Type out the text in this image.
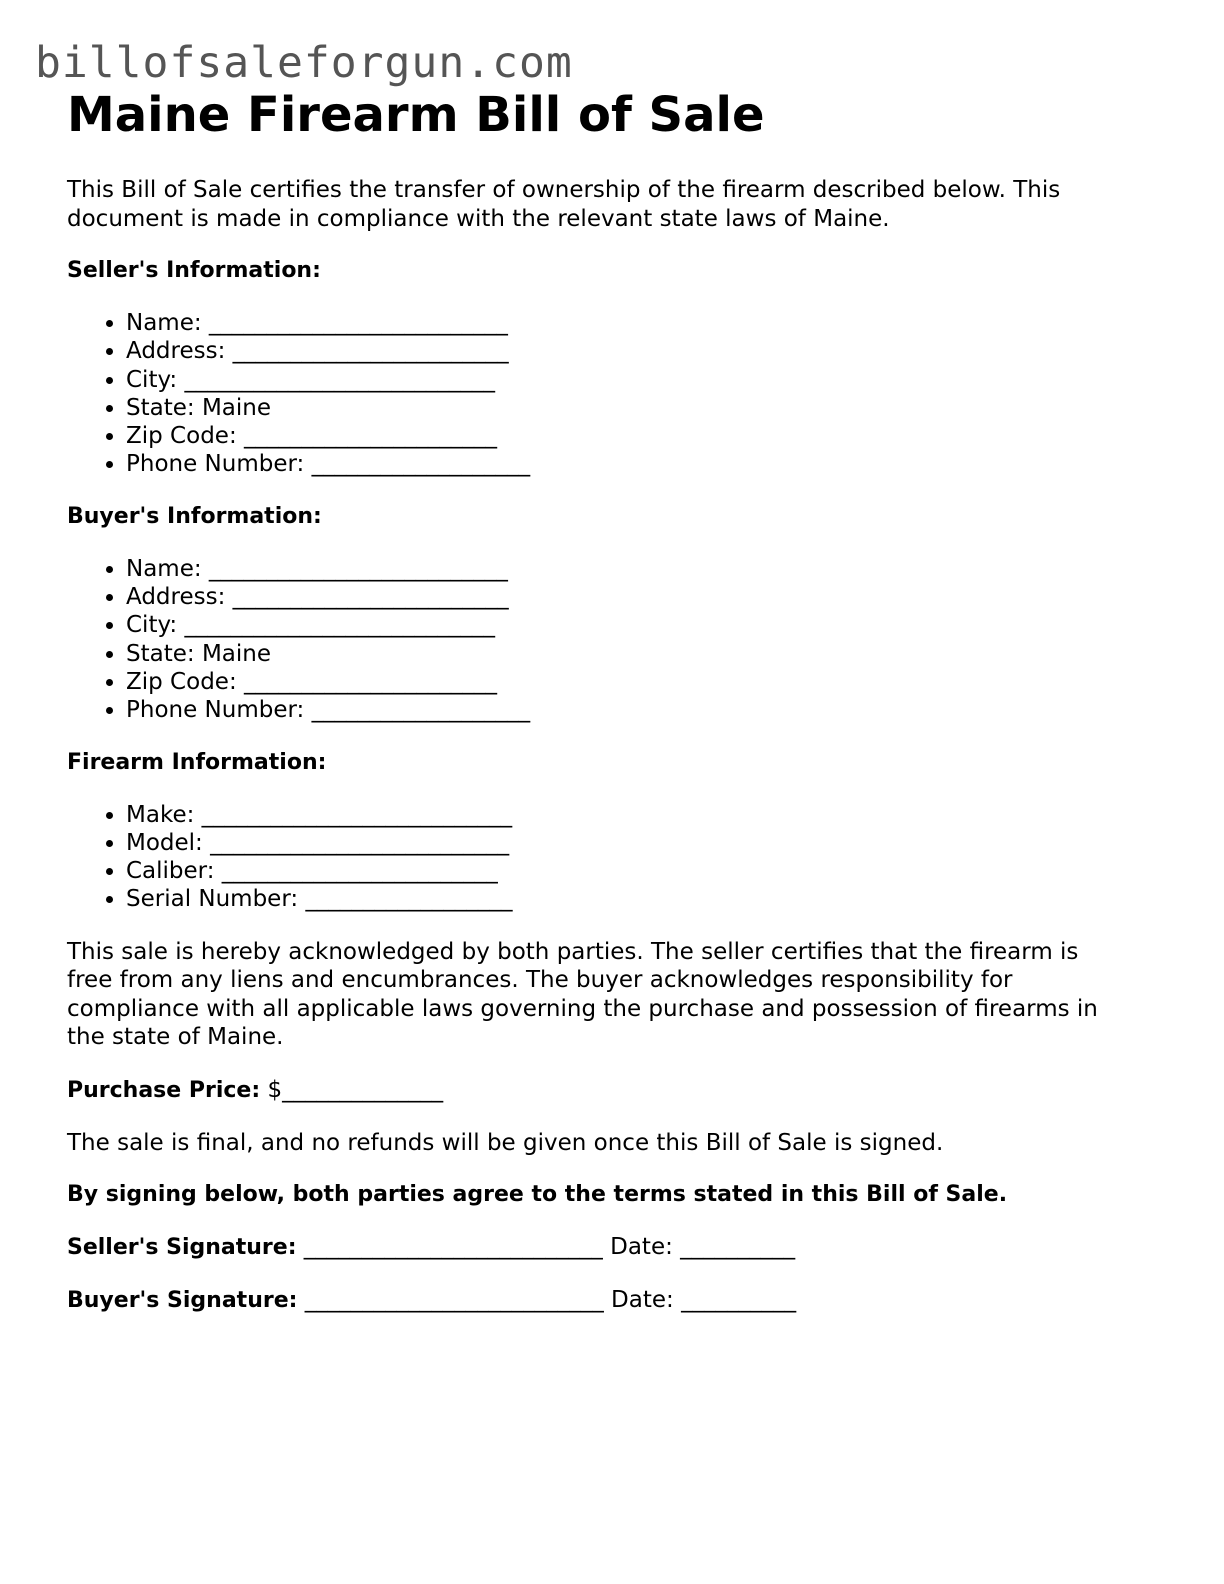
billofsaleforgun.com
Maine Firearm Bill of Sale

This Bill of Sale certifies the transfer of ownership of the firearm described below. This
document is made in compliance with the relevant state laws of Maine.

Seller's Information:
• Name: __________________________
• Address: ________________________
• City: ___________________________
• State: Maine
• Zip Code: ______________________
• Phone Number: ___________________
Buyer's Information:
• Name: __________________________
• Address: ________________________
• City: ___________________________
• State: Maine
• Zip Code: ______________________
• Phone Number: ___________________
Firearm Information:
• Make: ___________________________
• Model: __________________________
• Caliber: ________________________
• Serial Number: __________________

This sale is hereby acknowledged by both parties. The seller certifies that the firearm is
free from any liens and encumbrances. The buyer acknowledges responsibility for
compliance with all applicable laws governing the purchase and possession of firearms in
the state of Maine.

Purchase Price: $______________

The sale is final, and no refunds will be given once this Bill of Sale is signed.

By signing below, both parties agree to the terms stated in this Bill of Sale.
Seller's Signature: __________________________ Date: __________
Buyer's Signature: __________________________ Date: __________
